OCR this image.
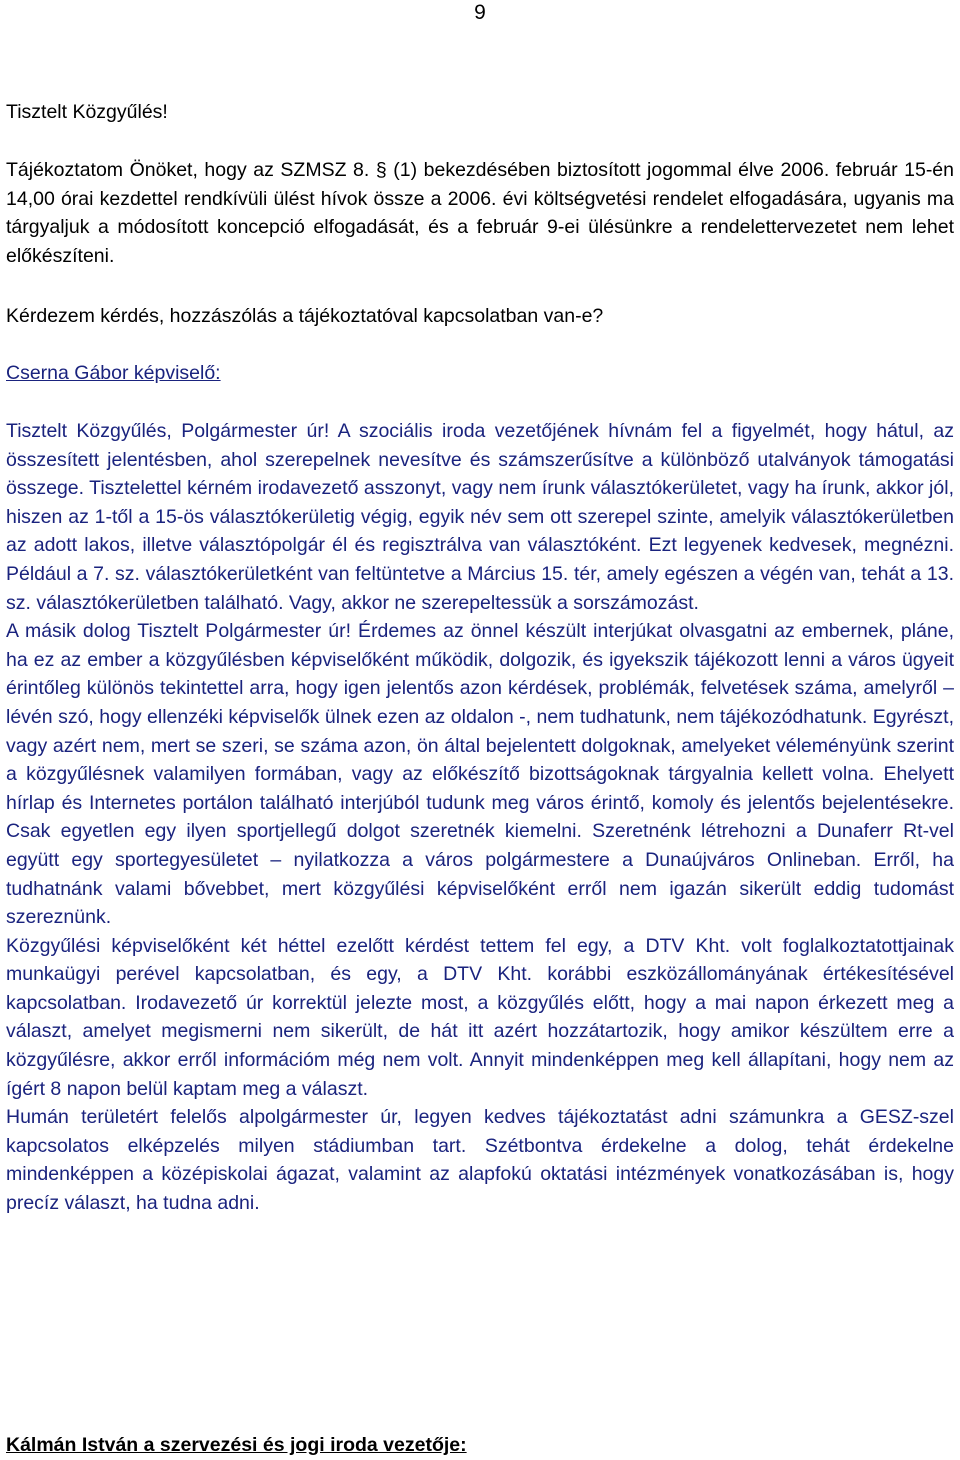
9

Tisztelt Közgyűlés!

Tájékoztatom Önöket, hogy az SZMSZ 8. § (1) bekezdésében biztosított jogommal élve 2006. február 15-én 14,00 órai kezdettel rendkívüli ülést hívok össze a 2006. évi költségvetési rendelet elfogadására, ugyanis ma tárgyaljuk a módosított koncepció elfogadását, és a február 9-ei ülésünkre a rendelettervezetet nem lehet előkészíteni.

Kérdezem kérdés, hozzászólás a tájékoztatóval kapcsolatban van-e?

Cserna Gábor képviselő:

Tisztelt Közgyűlés, Polgármester úr! A szociális iroda vezetőjének hívnám fel a figyelmét, hogy hátul, az összesített jelentésben, ahol szerepelnek nevesítve és számszerűsítve a különböző utalványok támogatási összege. Tisztelettel kérném irodavezető asszonyt, vagy nem írunk választókerületet, vagy ha írunk, akkor jól, hiszen az 1-től a 15-ös választókerületig végig, egyik név sem ott szerepel szinte, amelyik választókerületben az adott lakos, illetve választópolgár él és regisztrálva van választóként. Ezt legyenek kedvesek, megnézni. Például a 7. sz. választókerületként van feltüntetve a Március 15. tér, amely egészen a végén van, tehát a 13. sz. választókerületben található. Vagy, akkor ne szerepeltessük a sorszámozást.

A másik dolog Tisztelt Polgármester úr! Érdemes az önnel készült interjúkat olvasgatni az embernek, pláne, ha ez az ember a közgyűlésben képviselőként működik, dolgozik, és igyekszik tájékozott lenni a város ügyeit érintőleg különös tekintettel arra, hogy igen jelentős azon kérdések, problémák, felvetések száma, amelyről – lévén szó, hogy ellenzéki képviselők ülnek ezen az oldalon -, nem tudhatunk, nem tájékozódhatunk. Egyrészt, vagy azért nem, mert se szeri, se száma azon, ön által bejelentett dolgoknak, amelyeket véleményünk szerint a közgyűlésnek valamilyen formában, vagy az előkészítő bizottságoknak tárgyalnia kellett volna. Ehelyett hírlap és Internetes portálon található interjúból tudunk meg város érintő, komoly és jelentős bejelentésekre. Csak egyetlen egy ilyen sportjellegű dolgot szeretnék kiemelni. Szeretnénk létrehozni a Dunaferr Rt-vel együtt egy sportegyesületet – nyilatkozza a város polgármestere a Dunaújváros Onlineban. Erről, ha tudhatnánk valami bővebbet, mert közgyűlési képviselőként erről nem igazán sikerült eddig tudomást szereznünk.

Közgyűlési képviselőként két héttel ezelőtt kérdést tettem fel egy, a DTV Kht. volt foglalkoztatottjainak munkaügyi perével kapcsolatban, és egy, a DTV Kht. korábbi eszközállományának értékesítésével kapcsolatban. Irodavezető úr korrektül jelezte most, a közgyűlés előtt, hogy a mai napon érkezett meg a választ, amelyet megismerni nem sikerült, de hát itt azért hozzátartozik, hogy amikor készültem erre a közgyűlésre, akkor erről információm még nem volt. Annyit mindenképpen meg kell állapítani, hogy nem az ígért 8 napon belül kaptam meg a választ.

Humán területért felelős alpolgármester úr, legyen kedves tájékoztatást adni számunkra a GESZ-szel kapcsolatos elképzelés milyen stádiumban tart. Szétbontva érdekelne a dolog, tehát érdekelne mindenképpen a középiskolai ágazat, valamint az alapfokú oktatási intézmények vonatkozásában is, hogy precíz választ, ha tudna adni.

Kálmán István a szervezési és jogi iroda vezetője:
